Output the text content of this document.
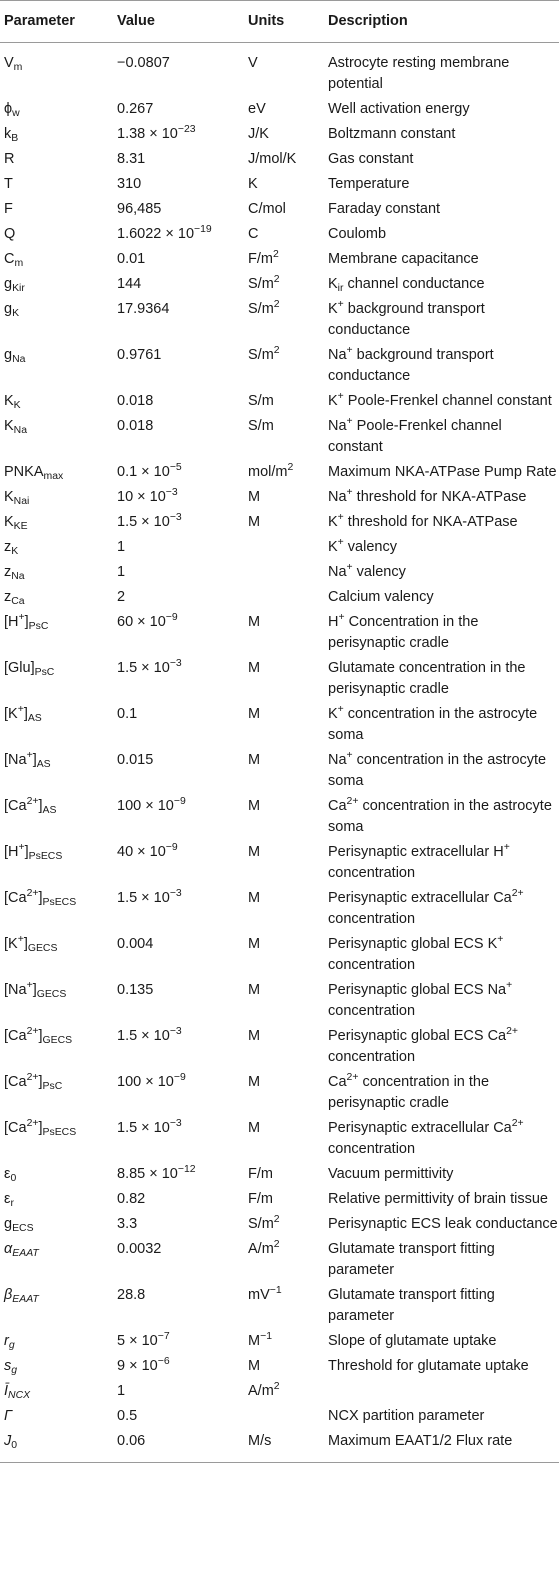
Parameter	Value	Units	Description
$V_m$	−0.0807	V	Astrocyte resting membrane potential
$\phi_w$	0.267	eV	Well activation energy
$k_B$	$1.38 \times 10^{-23}$	J/K	Boltzmann constant
R	8.31	J/mol/K	Gas constant
T	310	K	Temperature
F	96,485	C/mol	Faraday constant
Q	$1.6022 \times 10^{-19}$	C	Coulomb
$C_m$	0.01	$F/m^2$	Membrane capacitance
$g_{Kir}$	144	$S/m^2$	$K_{ir}$ channel conductance
$g_K$	17.9364	$S/m^2$	K+ background transport conductance
$g_{Na}$	0.9761	$S/m^2$	Na+ background transport conductance
$K_K$	0.018	S/m	K+ Poole-Frenkel channel constant
$K_{Na}$	0.018	S/m	Na+ Poole-Frenkel channel constant
$PNKA_{max}$	$0.1 \times 10^{-5}$	mol/$m^2$	Maximum NKA-ATPase Pump Rate
$K_{Nai}$	$10 \times 10^{-3}$	M	Na+ threshold for NKA-ATPase
$K_{KE}$	$1.5 \times 10^{-3}$	M	K+ threshold for NKA-ATPase
$z_K$	1		K+ valency
$z_{Na}$	1		Na+ valency
$z_{Ca}$	2		Calcium valency
$[H^+]_{PsC}$	$60 \times 10^{-9}$	M	H+ Concentration in the perisynaptic cradle
$[Glu]_{PsC}$	$1.5 \times 10^{-3}$	M	Glutamate concentration in the perisynaptic cradle
$[K^+]_{AS}$	0.1	M	K+ concentration in the astrocyte soma
$[Na^+]_{AS}$	0.015	M	Na+ concentration in the astrocyte soma
$[Ca^{2+}]_{AS}$	$100 \times 10^{-9}$	M	$Ca^{2+}$ concentration in the astrocyte soma
$[H^+]_{PsECS}$	$40 \times 10^{-9}$	M	Perisynaptic extracellular H+ concentration
$[Ca^{2+}]_{PsECS}$	$1.5 \times 10^{-3}$	M	Perisynaptic extracellular $Ca^{2+}$ concentration
$[K^+]_{GECS}$	0.004	M	Perisynaptic global ECS K+ concentration
$[Na^+]_{GECS}$	0.135	M	Perisynaptic global ECS Na+ concentration
$[Ca^{2+}]_{GECS}$	$1.5 \times 10^{-3}$	M	Perisynaptic global ECS $Ca^{2+}$ concentration
$[Ca^{2+}]_{PsC}$	$100 \times 10^{-9}$	M	$Ca^{2+}$ concentration in the perisynaptic cradle
$[Ca^{2+}]_{PsECS}$	$1.5 \times 10^{-3}$	M	Perisynaptic extracellular $Ca^{2+}$ concentration
$\varepsilon_0$	$8.85 \times 10^{-12}$	F/m	Vacuum permittivity
$\varepsilon_r$	0.82	F/m	Relative permittivity of brain tissue
$g_{ECS}$	3.3	$S/m^2$	Perisynaptic ECS leak conductance
$\alpha_{EAAT}$	0.0032	$A/m^2$	Glutamate transport fitting parameter
$\beta_{EAAT}$	28.8	$mV^{-1}$	Glutamate transport fitting parameter
$r_g$	$5 \times 10^{-7}$	$M^{-1}$	Slope of glutamate uptake
$s_g$	$9 \times 10^{-6}$	M	Threshold for glutamate uptake
$Ī_{NCX}$	1	$A/m^2$	
Γ	0.5		NCX partition parameter
$J_0$	0.06	M/s	Maximum EAAT1/2 Flux rate
